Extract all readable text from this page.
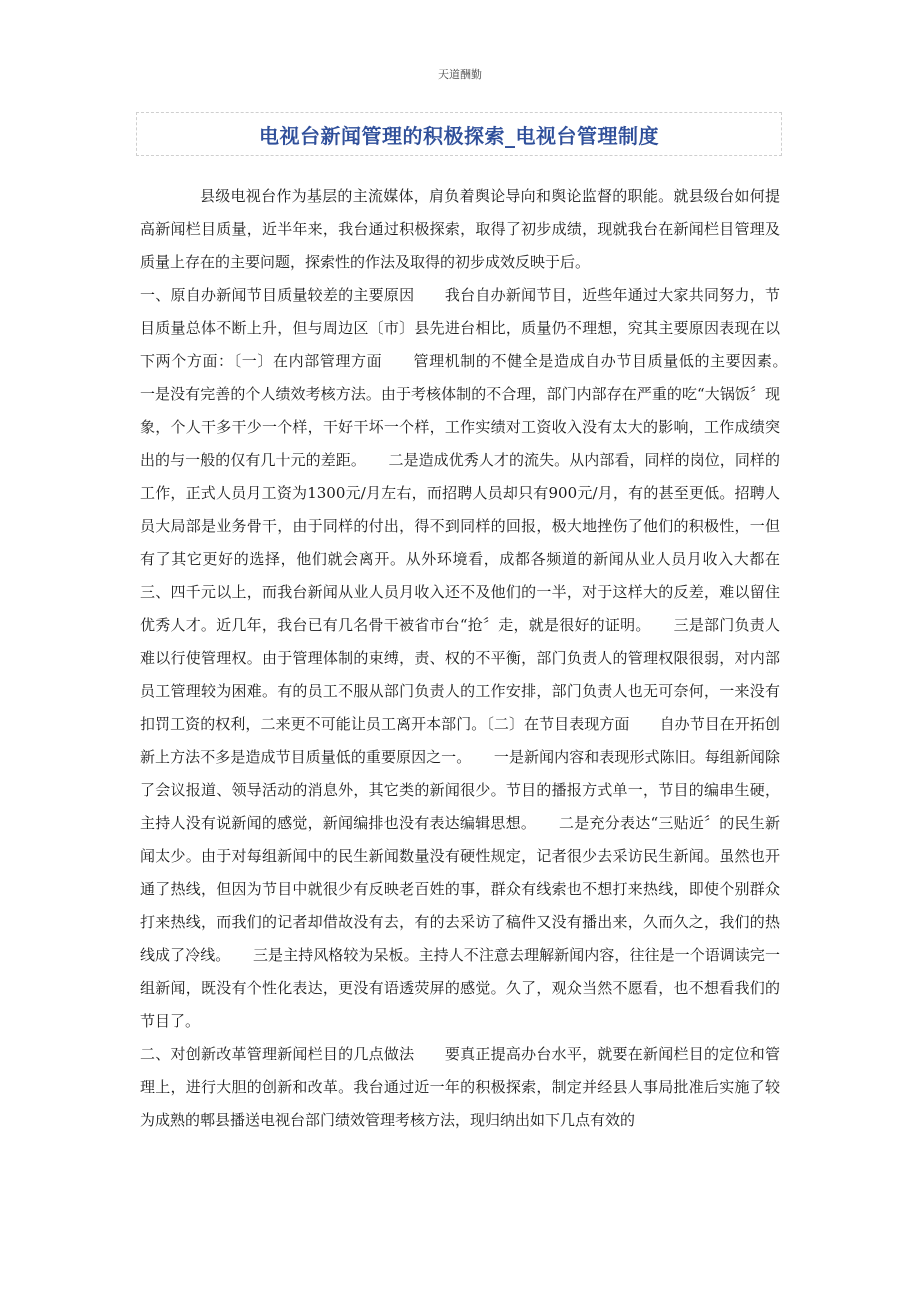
天道酬勤
电视台新闻管理的积极探索_电视台管理制度

县级电视台作为基层的主流媒体，肩负着舆论导向和舆论监督的职能。就县级台如何提高新闻栏目质量，近半年来，我台通过积极探索，取得了初步成绩，现就我台在新闻栏目管理及质量上存在的主要问题，探索性的作法及取得的初步成效反映于后。

一、原自办新闻节目质量较差的主要原因　　我台自办新闻节目，近些年通过大家共同努力，节目质量总体不断上升，但与周边区〔市〕县先进台相比，质量仍不理想，究其主要原因表现在以下两个方面：〔一〕在内部管理方面　　管理机制的不健全是造成自办节目质量低的主要因素。　　一是没有完善的个人绩效考核方法。由于考核体制的不合理，部门内部存在严重的吃“大锅饭〞现象，个人干多干少一个样，干好干坏一个样，工作实绩对工资收入没有太大的影响，工作成绩突出的与一般的仅有几十元的差距。　　二是造成优秀人才的流失。从内部看，同样的岗位，同样的工作，正式人员月工资为1300元/月左右，而招聘人员却只有900元/月，有的甚至更低。招聘人员大局部是业务骨干，由于同样的付出，得不到同样的回报，极大地挫伤了他们的积极性，一但有了其它更好的选择，他们就会离开。从外环境看，成都各频道的新闻从业人员月收入大都在三、四千元以上，而我台新闻从业人员月收入还不及他们的一半，对于这样大的反差，难以留住优秀人才。近几年，我台已有几名骨干被省市台“抢〞走，就是很好的证明。　　三是部门负责人难以行使管理权。由于管理体制的束缚，责、权的不平衡，部门负责人的管理权限很弱，对内部员工管理较为困难。有的员工不服从部门负责人的工作安排，部门负责人也无可奈何，一来没有扣罚工资的权利，二来更不可能让员工离开本部门。〔二〕在节目表现方面　　自办节目在开拓创新上方法不多是造成节目质量低的重要原因之一。　　一是新闻内容和表现形式陈旧。每组新闻除了会议报道、领导活动的消息外，其它类的新闻很少。节目的播报方式单一，节目的编串生硬，主持人没有说新闻的感觉，新闻编排也没有表达编辑思想。　　二是充分表达“三贴近〞的民生新闻太少。由于对每组新闻中的民生新闻数量没有硬性规定，记者很少去采访民生新闻。虽然也开通了热线，但因为节目中就很少有反映老百姓的事，群众有线索也不想打来热线，即使个别群众打来热线，而我们的记者却借故没有去，有的去采访了稿件又没有播出来，久而久之，我们的热线成了冷线。　　三是主持风格较为呆板。主持人不注意去理解新闻内容，往往是一个语调读完一组新闻，既没有个性化表达，更没有语透荧屏的感觉。久了，观众当然不愿看，也不想看我们的节目了。

二、对创新改革管理新闻栏目的几点做法　　要真正提高办台水平，就要在新闻栏目的定位和管理上，进行大胆的创新和改革。我台通过近一年的积极探索，制定并经县人事局批准后实施了较为成熟的郫县播送电视台部门绩效管理考核方法，现归纳出如下几点有效的
